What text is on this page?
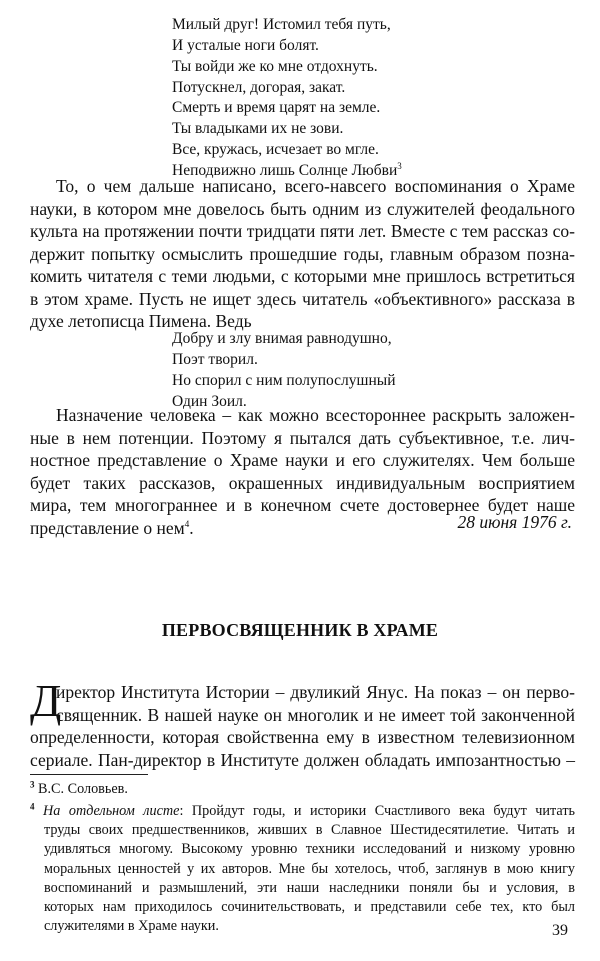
Милый друг! Истомил тебя путь,
И усталые ноги болят.
Ты войди же ко мне отдохнуть.
Потускнел, догорая, закат.
Смерть и время царят на земле.
Ты владыками их не зови.
Все, кружась, исчезает во мгле.
Неподвижно лишь Солнце Любви$^3$
То, о чем дальше написано, всего-навсего воспоминания о Храме
науки, в котором мне довелось быть одним из служителей феодального
культа на протяжении почти тридцати пяти лет. Вместе с тем рассказ со-
держит попытку осмыслить прошедшие годы, главным образом позна-
комить читателя с теми людьми, с которыми мне пришлось встретиться
в этом храме. Пусть не ищет здесь читатель «объективного» рассказа в
духе летописца Пимена. Ведь
Добру и злу внимая равнодушно,
Поэт творил.
Но спорил с ним полупослушный
Один Зоил.
Назначение человека – как можно всестороннее раскрыть заложен-
ные в нем потенции. Поэтому я пытался дать субъективное, т.е. лич-
ностное представление о Храме науки и его служителях. Чем больше
будет таких рассказов, окрашенных индивидуальным восприятием
мира, тем многограннее и в конечном счете достовернее будет наше
представление о нем$^4$.	28 июня 1976 г.
ПЕРВОСВЯЩЕННИК В ХРАМЕ
Д
иректор Института Истории – двуликий Янус. На показ – он перво-
священник. В нашей науке он многолик и не имеет той законченной
определенности, которая свойственна ему в известном телевизионном
сериале. Пан-директор в Институте должен обладать импозантностью –
$^3$ В.С. Соловьев.
$^4$ На отдельном листе: Пройдут годы, и историки Счастливого века будут читать
труды своих предшественников, живших в Славное Шестидесятилетие. Читать и
удивляться многому. Высокому уровню техники исследований и низкому уровню
моральных ценностей у их авторов. Мне бы хотелось, чтоб, заглянув в мою книгу
воспоминаний и размышлений, эти наши наследники поняли бы и условия, в
которых нам приходилось сочинительствовать, и представили себе тех, кто был
служителями в Храме науки.	39
